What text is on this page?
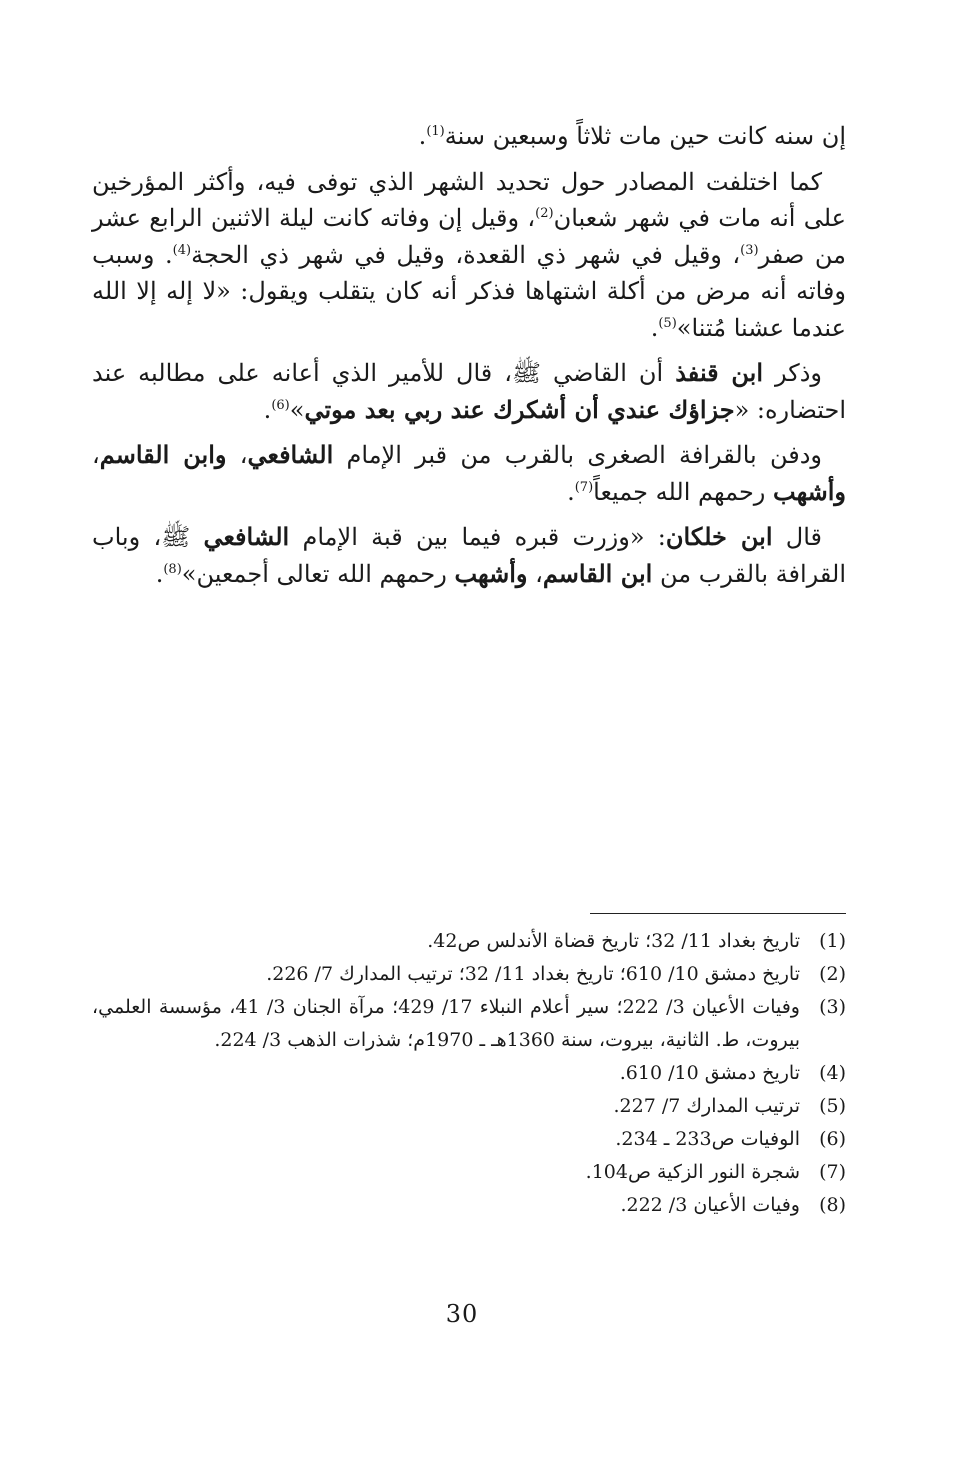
إن سنه كانت حين مات ثلاثاً وسبعين سنة$^{(1)}$.

كما اختلفت المصادر حول تحديد الشهر الذي توفى فيه، وأكثر المؤرخين على أنه مات في شهر شعبان$^{(2)}$، وقيل إن وفاته كانت ليلة الاثنين الرابع عشر من صفر$^{(3)}$، وقيل في شهر ذي القعدة، وقيل في شهر ذي الحجة$^{(4)}$. وسبب وفاته أنه مرض من أكلة اشتهاها فذكر أنه كان يتقلب ويقول: «لا إله إلا الله عندما عشنا مُتنا»$^{(5)}$.

وذكر ابن قنفذ أن القاضي ﷺ، قال للأمير الذي أعانه على مطالبه عند احتضاره: «جزاؤك عندي أن أشكرك عند ربي بعد موتي»$^{(6)}$.

ودفن بالقرافة الصغرى بالقرب من قبر الإمام الشافعي، وابن القاسم، وأشهب رحمهم الله جميعاً$^{(7)}$.

قال ابن خلكان: «وزرت قبره فيما بين قبة الإمام الشافعي ﷺ، وباب القرافة بالقرب من ابن القاسم، وأشهب رحمهم الله تعالى أجمعين»$^{(8)}$.

(1)
تاريخ بغداد 11/ 32؛ تاريخ قضاة الأندلس ص42.
(2)
تاريخ دمشق 10/ 610؛ تاريخ بغداد 11/ 32؛ ترتيب المدارك 7/ 226.
(3)
وفيات الأعيان 3/ 222؛ سير أعلام النبلاء 17/ 429؛ مرآة الجنان 3/ 41، مؤسسة العلمي، بيروت، ط. الثانية، بيروت، سنة 1360هـ ـ 1970م؛ شذرات الذهب 3/ 224.
(4)
تاريخ دمشق 10/ 610.
(5)
ترتيب المدارك 7/ 227.
(6)
الوفيات ص233 ـ 234.
(7)
شجرة النور الزكية ص104.
(8)
وفيات الأعيان 3/ 222.
30
